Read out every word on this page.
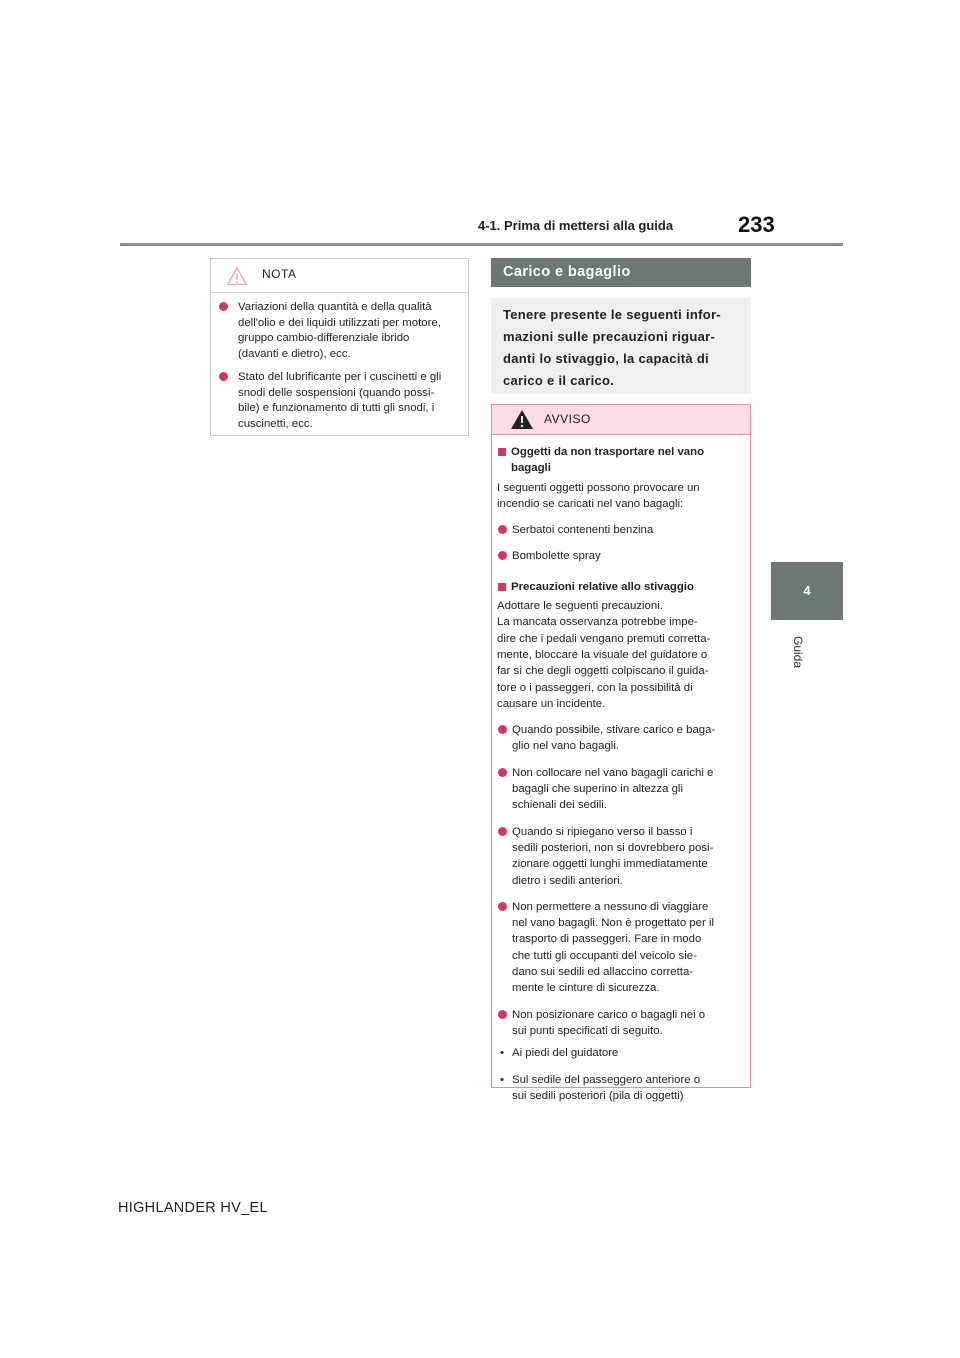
4-1. Prima di mettersi alla guida	233
4
Guida
NOTA
Variazioni della quantità e della qualità
dell'olio e dei liquidi utilizzati per motore,
gruppo cambio-differenziale ibrido
(davanti e dietro), ecc.
Stato del lubrificante per i cuscinetti e gli
snodi delle sospensioni (quando possi-
bile) e funzionamento di tutti gli snodi, i
cuscinetti, ecc.
Carico e bagaglio
Tenere presente le seguenti infor-
mazioni sulle precauzioni riguar-
danti lo stivaggio, la capacità di
carico e il carico.
AVVISO
Oggetti da non trasportare nel vano
bagagli
I seguenti oggetti possono provocare un
incendio se caricati nel vano bagagli:
Serbatoi contenenti benzina
Bombolette spray
Precauzioni relative allo stivaggio
Adottare le seguenti precauzioni.
La mancata osservanza potrebbe impe-
dire che i pedali vengano premuti corretta-
mente, bloccare la visuale del guidatore o
far sì che degli oggetti colpiscano il guida-
tore o i passeggeri, con la possibilità di
causare un incidente.
Quando possibile, stivare carico e baga-
glio nel vano bagagli.
Non collocare nel vano bagagli carichi e
bagagli che superino in altezza gli
schienali dei sedili.
Quando si ripiegano verso il basso i
sedili posteriori, non si dovrebbero posi-
zionare oggetti lunghi immediatamente
dietro i sedili anteriori.
Non permettere a nessuno di viaggiare
nel vano bagagli. Non è progettato per il
trasporto di passeggeri. Fare in modo
che tutti gli occupanti del veicolo sie-
dano sui sedili ed allaccino corretta-
mente le cinture di sicurezza.
Non posizionare carico o bagagli nei o
sui punti specificati di seguito.
• Ai piedi del guidatore
• Sul sedile del passeggero anteriore o
sui sedili posteriori (pila di oggetti)
HIGHLANDER HV_EL
